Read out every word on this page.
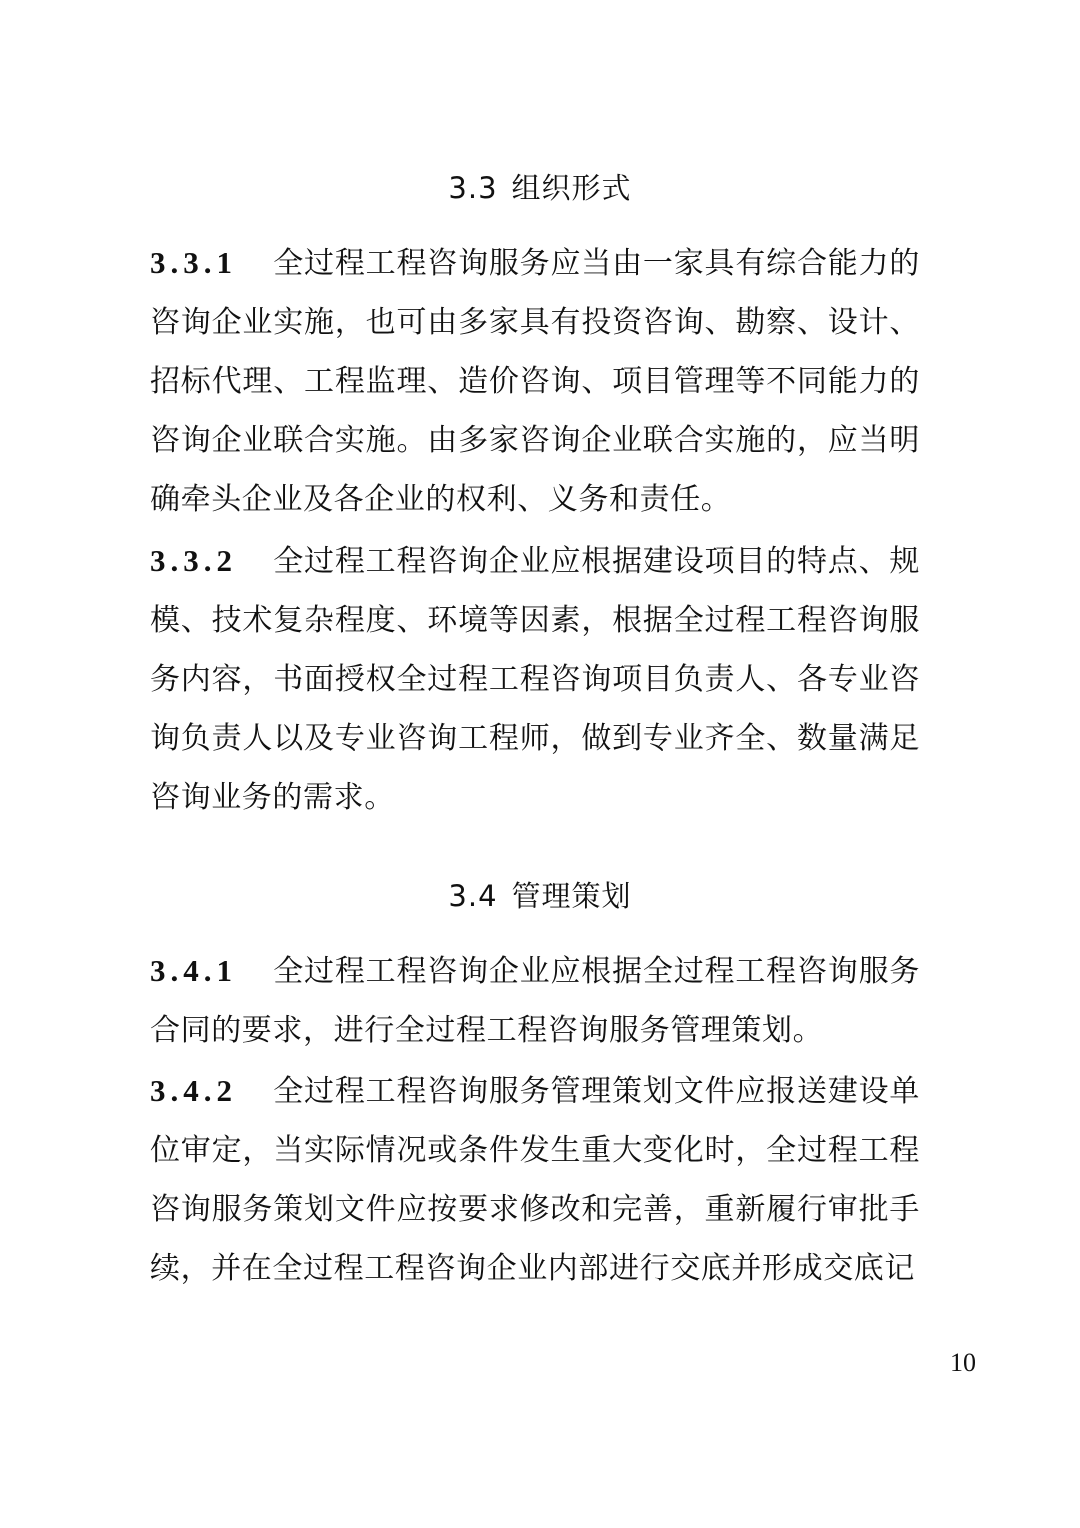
3.3 组织形式
3.3.1 全过程工程咨询服务应当由一家具有综合能力的咨询企业实施，也可由多家具有投资咨询、勘察、设计、招标代理、工程监理、造价咨询、项目管理等不同能力的咨询企业联合实施。由多家咨询企业联合实施的，应当明确牵头企业及各企业的权利、义务和责任。
3.3.2 全过程工程咨询企业应根据建设项目的特点、规模、技术复杂程度、环境等因素，根据全过程工程咨询服务内容，书面授权全过程工程咨询项目负责人、各专业咨询负责人以及专业咨询工程师，做到专业齐全、数量满足咨询业务的需求。
3.4 管理策划
3.4.1 全过程工程咨询企业应根据全过程工程咨询服务合同的要求，进行全过程工程咨询服务管理策划。
3.4.2 全过程工程咨询服务管理策划文件应报送建设单位审定，当实际情况或条件发生重大变化时，全过程工程咨询服务策划文件应按要求修改和完善，重新履行审批手续，并在全过程工程咨询企业内部进行交底并形成交底记
10
